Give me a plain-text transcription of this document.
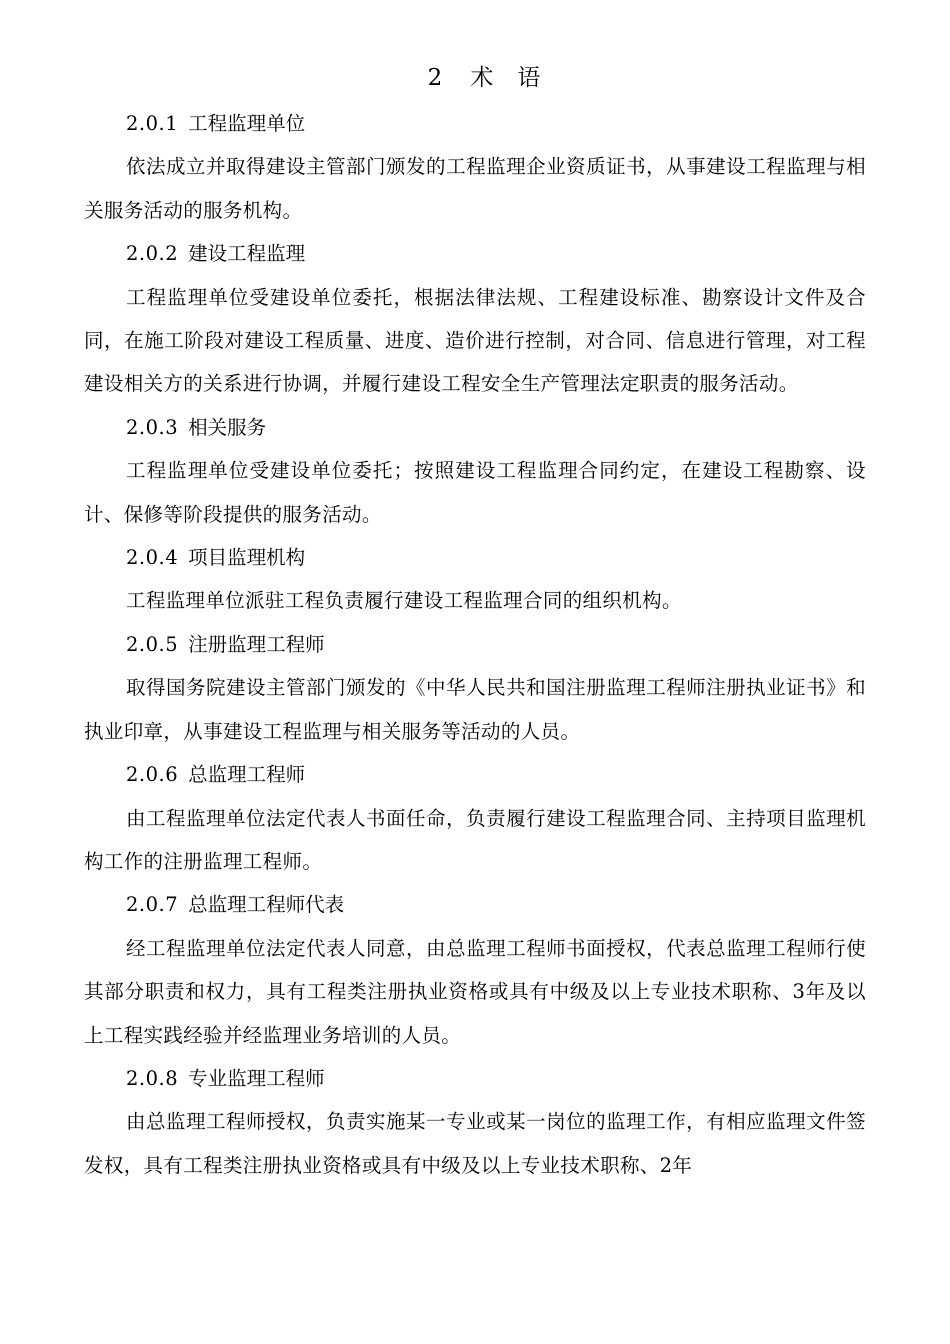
2 术 语
2.0.1 工程监理单位

依法成立并取得建设主管部门颁发的工程监理企业资质证书，从事建设工程监理与相关服务活动的服务机构。

2.0.2 建设工程监理

工程监理单位受建设单位委托，根据法律法规、工程建设标准、勘察设计文件及合同，在施工阶段对建设工程质量、进度、造价进行控制，对合同、信息进行管理，对工程建设相关方的关系进行协调，并履行建设工程安全生产管理法定职责的服务活动。

2.0.3 相关服务

工程监理单位受建设单位委托；按照建设工程监理合同约定，在建设工程勘察、设计、保修等阶段提供的服务活动。

2.0.4 项目监理机构

工程监理单位派驻工程负责履行建设工程监理合同的组织机构。

2.0.5 注册监理工程师

取得国务院建设主管部门颁发的《中华人民共和国注册监理工程师注册执业证书》和执业印章，从事建设工程监理与相关服务等活动的人员。

2.0.6 总监理工程师

由工程监理单位法定代表人书面任命，负责履行建设工程监理合同、主持项目监理机构工作的注册监理工程师。

2.0.7 总监理工程师代表

经工程监理单位法定代表人同意，由总监理工程师书面授权，代表总监理工程师行使其部分职责和权力，具有工程类注册执业资格或具有中级及以上专业技术职称、3年及以上工程实践经验并经监理业务培训的人员。

2.0.8 专业监理工程师

由总监理工程师授权，负责实施某一专业或某一岗位的监理工作，有相应监理文件签发权，具有工程类注册执业资格或具有中级及以上专业技术职称、2年
